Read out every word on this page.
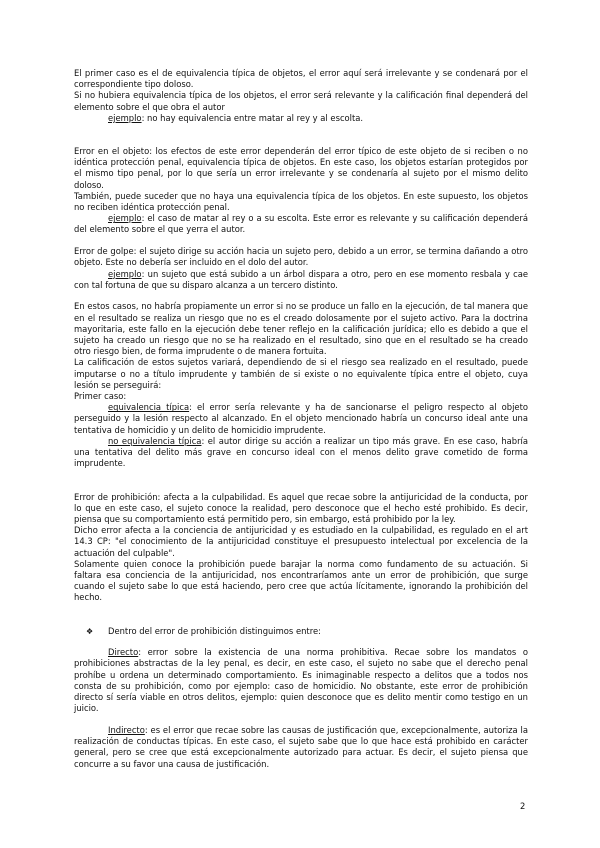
El primer caso es el de equivalencia típica de objetos, el error aquí será irrelevante y se condenará por el correspondiente tipo doloso.

Si no hubiera equivalencia típica de los objetos, el error será relevante y la calificación final dependerá del elemento sobre el que obra el autor

ejemplo: no hay equivalencia entre matar al rey y al escolta.

Error en el objeto: los efectos de este error dependerán del error típico de este objeto de si reciben o no idéntica protección penal, equivalencia típica de objetos. En este caso, los objetos estarían protegidos por el mismo tipo penal, por lo que sería un error irrelevante y se condenaría al sujeto por el mismo delito doloso.

También, puede suceder que no haya una equivalencia típica de los objetos. En este supuesto, los objetos no reciben idéntica protección penal.

ejemplo: el caso de matar al rey o a su escolta. Este error es relevante y su calificación dependerá del elemento sobre el que yerra el autor.

Error de golpe: el sujeto dirige su acción hacia un sujeto pero, debido a un error, se termina dañando a otro objeto. Este no debería ser incluido en el dolo del autor.

ejemplo: un sujeto que está subido a un árbol dispara a otro, pero en ese momento resbala y cae con tal fortuna de que su disparo alcanza a un tercero distinto.

En estos casos, no habría propiamente un error si no se produce un fallo en la ejecución, de tal manera que en el resultado se realiza un riesgo que no es el creado dolosamente por el sujeto activo. Para la doctrina mayoritaria, este fallo en la ejecución debe tener reflejo en la calificación jurídica; ello es debido a que el sujeto ha creado un riesgo que no se ha realizado en el resultado, sino que en el resultado se ha creado otro riesgo bien, de forma imprudente o de manera fortuita.

La calificación de estos sujetos variará, dependiendo de si el riesgo sea realizado en el resultado, puede imputarse o no a título imprudente y también de si existe o no equivalente típica entre el objeto, cuya lesión se perseguirá:

Primer caso:

equivalencia típica: el error sería relevante y ha de sancionarse el peligro respecto al objeto perseguido y la lesión respecto al alcanzado. En el objeto mencionado habría un concurso ideal ante una tentativa de homicidio y un delito de homicidio imprudente.

no equivalencia típica: el autor dirige su acción a realizar un tipo más grave. En ese caso, habría una tentativa del delito más grave en concurso ideal con el menos delito grave cometido de forma imprudente.

Error de prohibición: afecta a la culpabilidad. Es aquel que recae sobre la antijuricidad de la conducta, por lo que en este caso, el sujeto conoce la realidad, pero desconoce que el hecho esté prohibido. Es decir, piensa que su comportamiento está permitido pero, sin embargo, está prohibido por la ley.

Dicho error afecta a la conciencia de antijuricidad y es estudiado en la culpabilidad, es regulado en el art 14.3 CP: "el conocimiento de la antijuricidad constituye el presupuesto intelectual por excelencia de la actuación del culpable".

Solamente quien conoce la prohibición puede barajar la norma como fundamento de su actuación. Si faltara esa conciencia de la antijuricidad, nos encontraríamos ante un error de prohibición, que surge cuando el sujeto sabe lo que está haciendo, pero cree que actúa lícitamente, ignorando la prohibición del hecho.

❖	Dentro del error de prohibición distinguimos entre:

Directo: error sobre la existencia de una norma prohibitiva. Recae sobre los mandatos o prohibiciones abstractas de la ley penal, es decir, en este caso, el sujeto no sabe que el derecho penal prohíbe u ordena un determinado comportamiento. Es inimaginable respecto a delitos que a todos nos consta de su prohibición, como por ejemplo: caso de homicidio. No obstante, este error de prohibición directo sí sería viable en otros delitos, ejemplo: quien desconoce que es delito mentir como testigo en un juicio.

Indirecto: es el error que recae sobre las causas de justificación que, excepcionalmente, autoriza la realización de conductas típicas. En este caso, el sujeto sabe que lo que hace está prohibido en carácter general, pero se cree que está excepcionalmente autorizado para actuar. Es decir, el sujeto piensa que concurre a su favor una causa de justificación.

2
